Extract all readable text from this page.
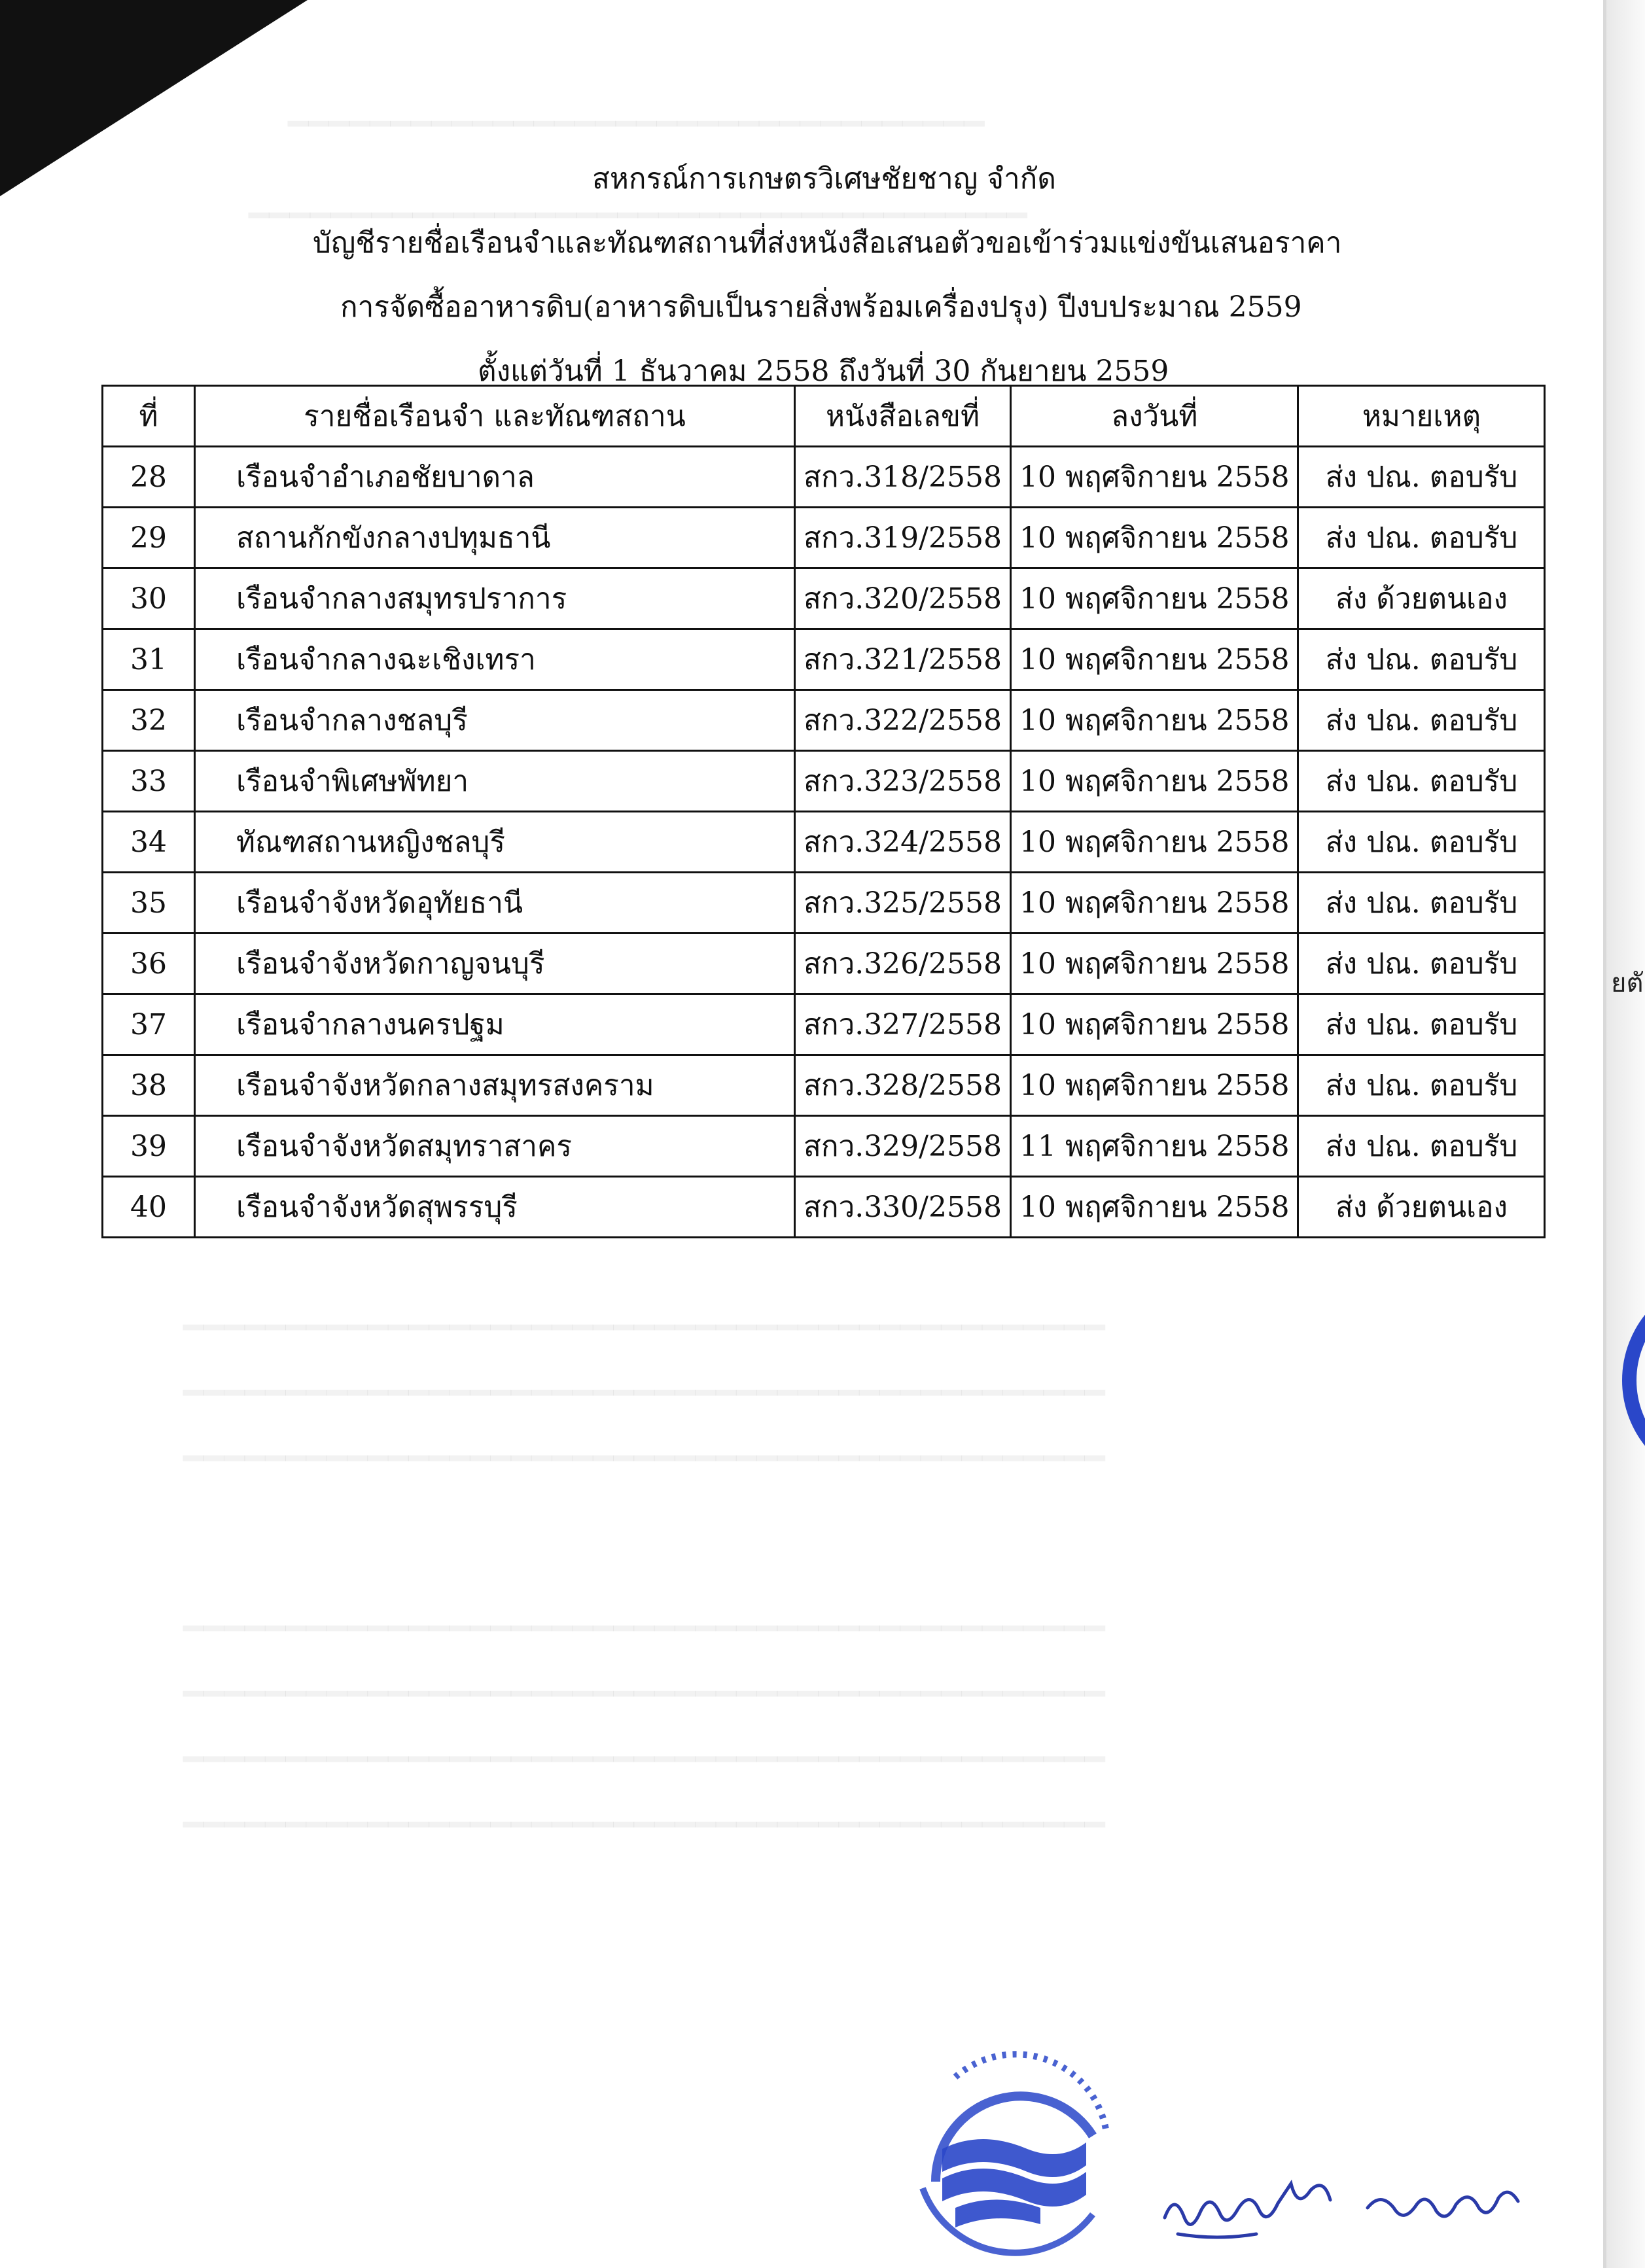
━━━━━━━━━━━━━━━━━━━━━━━━━━━━━━━━━━
━━━━━━━━━━━━━━━━━━━━━━━━━━━━━━━━━━━━━━
━━━━━━━━━━━━━━━━━━━━━━━━━━━━━━━━━━━━━━━━━━━━━
━━━━━━━━━━━━━━━━━━━━━━━━━━━━━━━━━━━━━━━━━━━━━
━━━━━━━━━━━━━━━━━━━━━━━━━━━━━━━━━━━━━━━━━━━━━
━━━━━━━━━━━━━━━━━━━━━━━━━━━━━━━━━━━━━━━━━━━━━
━━━━━━━━━━━━━━━━━━━━━━━━━━━━━━━━━━━━━━━━━━━━━
━━━━━━━━━━━━━━━━━━━━━━━━━━━━━━━━━━━━━━━━━━━━━
━━━━━━━━━━━━━━━━━━━━━━━━━━━━━━━━━━━━━━━━━━━━━
สหกรณ์การเกษตรวิเศษชัยชาญ จำกัด
บัญชีรายชื่อเรือนจำและทัณฑสถานที่ส่งหนังสือเสนอตัวขอเข้าร่วมแข่งขันเสนอราคา
การจัดซื้ออาหารดิบ(อาหารดิบเป็นรายสิ่งพร้อมเครื่องปรุง) ปีงบประมาณ 2559
ตั้งแต่วันที่ 1 ธันวาคม 2558 ถึงวันที่ 30 กันยายน 2559
ที่	รายชื่อเรือนจำ และทัณฑสถาน	หนังสือเลขที่	ลงวันที่	หมายเหตุ
28	เรือนจำอำเภอชัยบาดาล	สกว.318/2558	10 พฤศจิกายน 2558	ส่ง ปณ. ตอบรับ
29	สถานกักขังกลางปทุมธานี	สกว.319/2558	10 พฤศจิกายน 2558	ส่ง ปณ. ตอบรับ
30	เรือนจำกลางสมุทรปราการ	สกว.320/2558	10 พฤศจิกายน 2558	ส่ง ด้วยตนเอง
31	เรือนจำกลางฉะเชิงเทรา	สกว.321/2558	10 พฤศจิกายน 2558	ส่ง ปณ. ตอบรับ
32	เรือนจำกลางชลบุรี	สกว.322/2558	10 พฤศจิกายน 2558	ส่ง ปณ. ตอบรับ
33	เรือนจำพิเศษพัทยา	สกว.323/2558	10 พฤศจิกายน 2558	ส่ง ปณ. ตอบรับ
34	ทัณฑสถานหญิงชลบุรี	สกว.324/2558	10 พฤศจิกายน 2558	ส่ง ปณ. ตอบรับ
35	เรือนจำจังหวัดอุทัยธานี	สกว.325/2558	10 พฤศจิกายน 2558	ส่ง ปณ. ตอบรับ
36	เรือนจำจังหวัดกาญจนบุรี	สกว.326/2558	10 พฤศจิกายน 2558	ส่ง ปณ. ตอบรับ
37	เรือนจำกลางนครปฐม	สกว.327/2558	10 พฤศจิกายน 2558	ส่ง ปณ. ตอบรับ
38	เรือนจำจังหวัดกลางสมุทรสงคราม	สกว.328/2558	10 พฤศจิกายน 2558	ส่ง ปณ. ตอบรับ
39	เรือนจำจังหวัดสมุทราสาคร	สกว.329/2558	11 พฤศจิกายน 2558	ส่ง ปณ. ตอบรับ
40	เรือนจำจังหวัดสุพรรบุรี	สกว.330/2558	10 พฤศจิกายน 2558	ส่ง ด้วยตนเอง
ยตั
